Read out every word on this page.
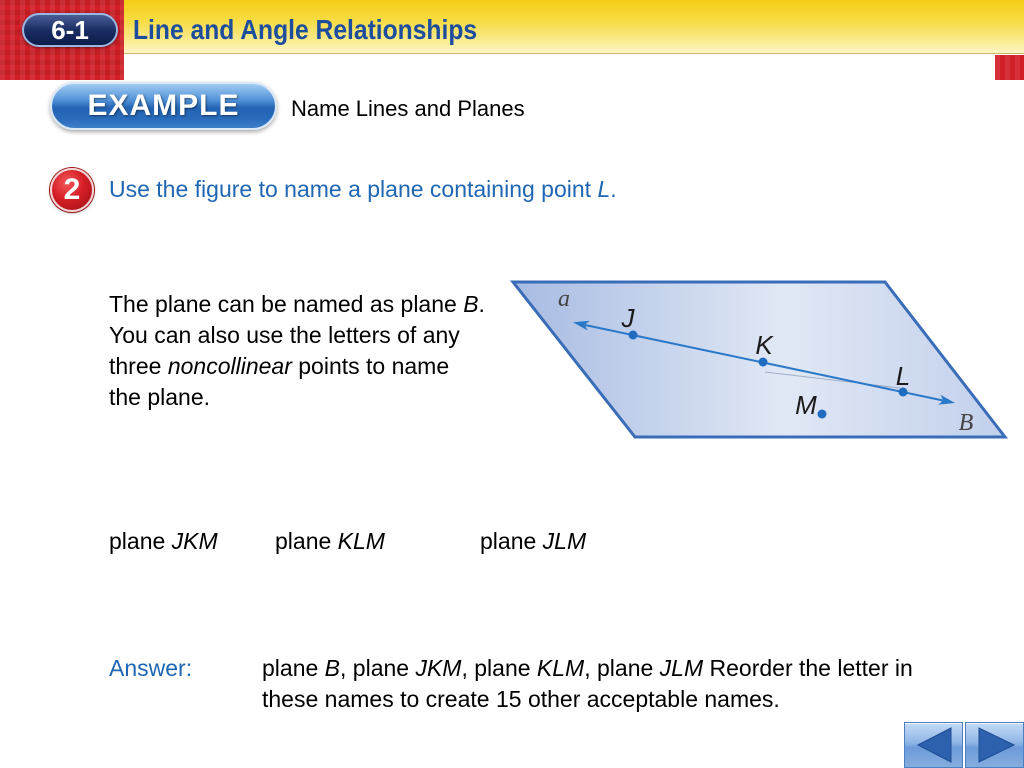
6-1	Line and Angle Relationships
EXAMPLE	Name Lines and Planes
2	Use the figure to name a plane containing point L.
The plane can be named as plane B.
You can also use the letters of any
three noncollinear points to name
the plane.
a
J
K
L
M
B
plane JKM plane KLM	plane JLM
Answer:	plane B, plane JKM, plane KLM, plane JLM Reorder the letter in
these names to create 15 other acceptable names.
